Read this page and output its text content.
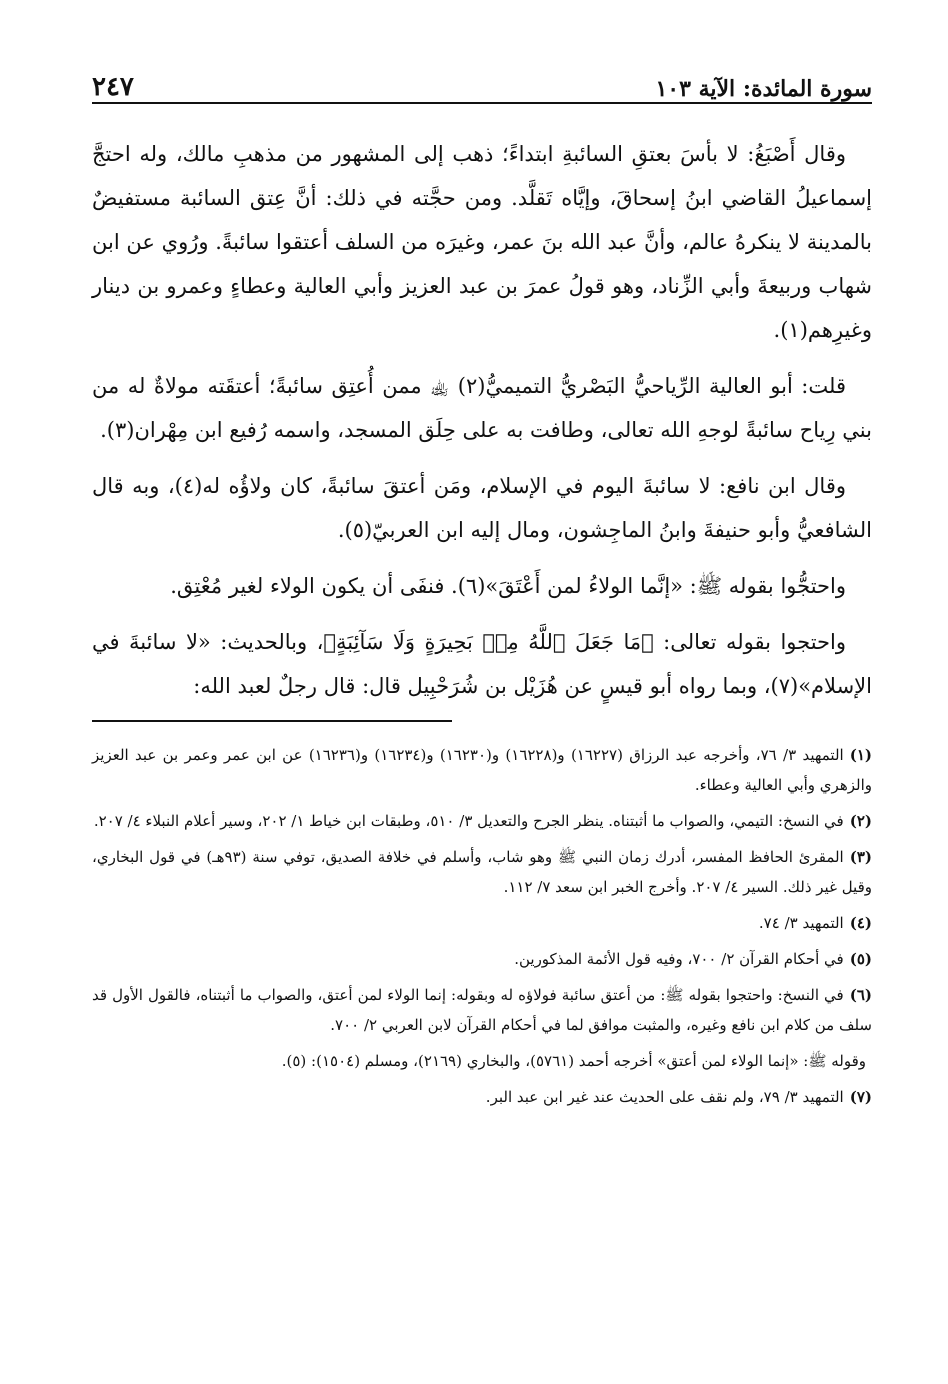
سورة المائدة: الآية ١٠٣
٢٤٧

وقال أَصْبَغُ: لا بأسَ بعتقِ السائبةِ ابتداءً؛ ذهب إلى المشهور من مذهبِ مالك، وله احتجَّ إسماعيلُ القاضي ابنُ إسحاقَ، وإيَّاه تَقلَّد. ومن حجَّته في ذلك: أنَّ عِتق السائبة مستفيضٌ بالمدينة لا ينكرهُ عالم، وأنَّ عبد الله بنَ عمر، وغيرَه من السلف أعتقوا سائبةً. ورُوي عن ابن شهاب وربيعةَ وأبي الزِّناد، وهو قولُ عمرَ بن عبد العزيز وأبي العالية وعطاءٍ وعمرو بن دينار وغيرِهم(١).

قلت: أبو العالية الرِّياحيُّ البَصْريُّ التميميُّ(٢) ﵀ ممن أُعتِق سائبةً؛ أعتقَته مولاةٌ له من بني رِياح سائبةً لوجهِ الله تعالى، وطافت به على حِلَق المسجد، واسمه رُفيع ابن مِهْران(٣).

وقال ابن نافع: لا سائبةَ اليوم في الإسلام، ومَن أعتقَ سائبةً، كان ولاؤُه له(٤)، وبه قال الشافعيُّ وأبو حنيفةَ وابنُ الماجِشون، ومال إليه ابن العربيّ(٥).

واحتجُّوا بقوله ﷺ: «إنَّما الولاءُ لمن أَعْتَقَ»(٦). فنفَى أن يكون الولاء لغير مُعْتِق.

واحتجوا بقوله تعالى: ﴿مَا جَعَلَ ٱللَّهُ مِنۢ بَحِيرَةٍ وَلَا سَآئِبَةٍ﴾، وبالحديث: «لا سائبةَ في الإسلام»(٧)، وبما رواه أبو قيسٍ عن هُزَيْل بن شُرَحْبِيل قال: قال رجلٌ لعبد الله:

(١)التمهيد ٣/ ٧٦، وأخرجه عبد الرزاق (١٦٢٢٧) و(١٦٢٢٨) و(١٦٢٣٠) و(١٦٢٣٤) و(١٦٢٣٦) عن ابن عمر وعمر بن عبد العزيز والزهري وأبي العالية وعطاء.
(٢)في النسخ: التيمي، والصواب ما أثبتناه. ينظر الجرح والتعديل ٣/ ٥١٠، وطبقات ابن خياط ١/ ٢٠٢، وسير أعلام النبلاء ٤/ ٢٠٧.
(٣)المقرئ الحافظ المفسر، أدرك زمان النبي ﷺ وهو شاب، وأسلم في خلافة الصديق، توفي سنة (٩٣هـ) في قول البخاري، وقيل غير ذلك. السير ٤/ ٢٠٧. وأخرج الخبر ابن سعد ٧/ ١١٢.
(٤)التمهيد ٣/ ٧٤.
(٥)في أحكام القرآن ٢/ ٧٠٠، وفيه قول الأئمة المذكورين.
(٦)في النسخ: واحتجوا بقوله ﷺ: من أعتق سائبة فولاؤه له وبقوله: إنما الولاء لمن أعتق، والصواب ما أثبتناه، فالقول الأول قد سلف من كلام ابن نافع وغيره، والمثبت موافق لما في أحكام القرآن لابن العربي ٢/ ٧٠٠.
وقوله ﷺ: «إنما الولاء لمن أعتق» أخرجه أحمد (٥٧٦١)، والبخاري (٢١٦٩)، ومسلم (١٥٠٤): (٥).
(٧)التمهيد ٣/ ٧٩، ولم نقف على الحديث عند غير ابن عبد البر.
